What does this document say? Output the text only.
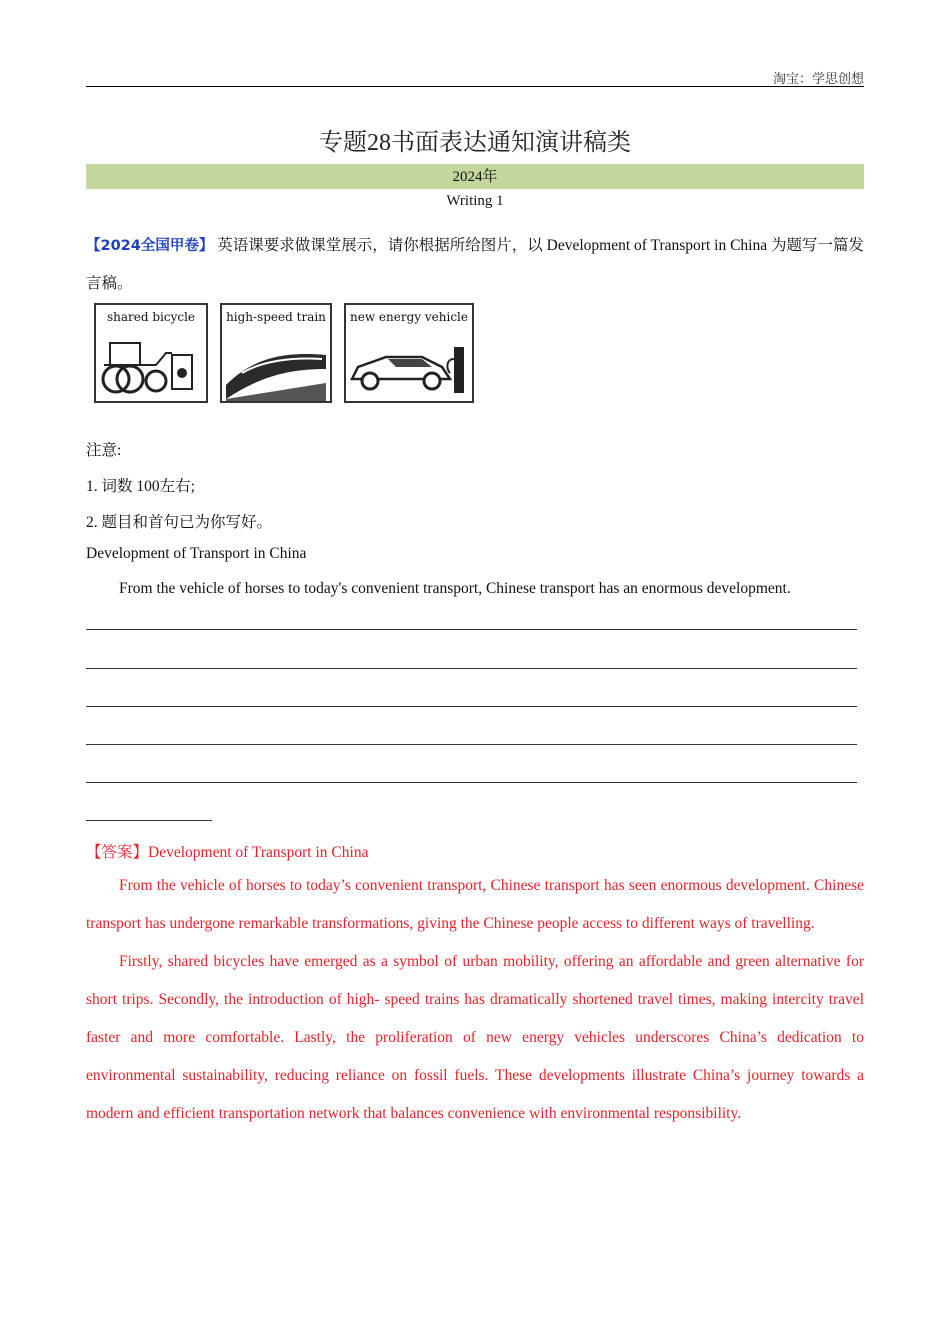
淘宝：学思创想
专题28书面表达通知演讲稿类
2024年
Writing 1
【2024全国甲卷】 英语课要求做课堂展示，请你根据所给图片，以 Development of Transport in China 为题写一篇发言稿。
shared bicycle	high-speed train	new energy vehicle
注意:
1. 词数 100左右;
2. 题目和首句已为你写好。
Development of Transport in China
From the vehicle of horses to today's convenient transport, Chinese transport has an enormous development.
【答案】Development of Transport in China

From the vehicle of horses to today’s convenient transport, Chinese transport has seen enormous development. Chinese transport has undergone remarkable transformations, giving the Chinese people access to different ways of travelling.

Firstly, shared bicycles have emerged as a symbol of urban mobility, offering an affordable and green alternative for short trips. Secondly, the introduction of high- speed trains has dramatically shortened travel times, making intercity travel faster and more comfortable. Lastly, the proliferation of new energy vehicles underscores China’s dedication to environmental sustainability, reducing reliance on fossil fuels. These developments illustrate China’s journey towards a modern and efficient transportation network that balances convenience with environmental responsibility.
